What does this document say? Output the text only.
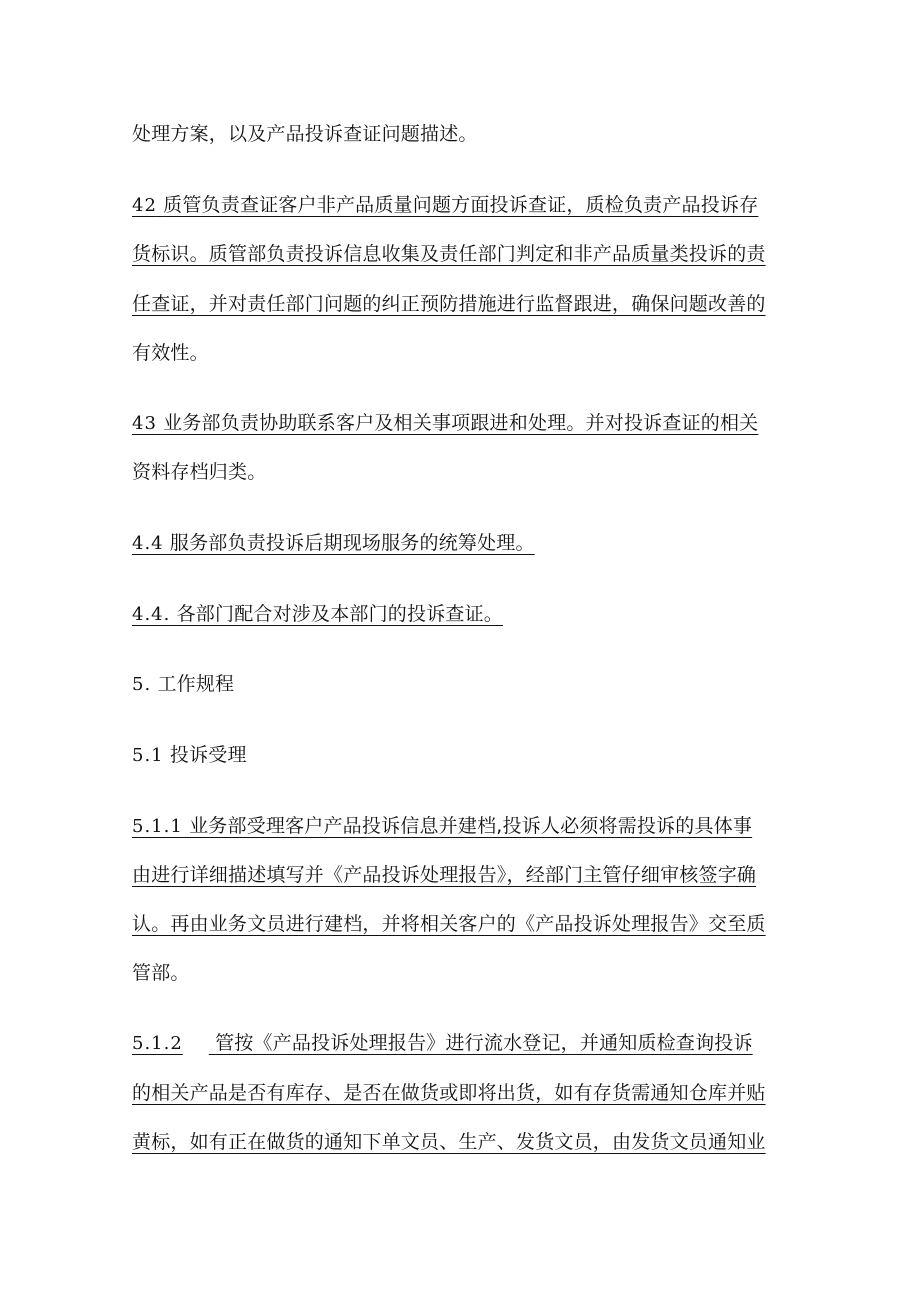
处理方案，以及产品投诉查证问题描述。
42 质管负责查证客户非产品质量问题方面投诉查证，质检负责产品投诉存
货标识。质管部负责投诉信息收集及责任部门判定和非产品质量类投诉的责
任查证，并对责任部门问题的纠正预防措施进行监督跟进，确保问题改善的
有效性。
43 业务部负责协助联系客户及相关事项跟进和处理。并对投诉查证的相关
资料存档归类。
4.4 服务部负责投诉后期现场服务的统筹处理。
4.4. 各部门配合对涉及本部门的投诉查证。
5. 工作规程
5.1 投诉受理
5.1.1 业务部受理客户产品投诉信息并建档,投诉人必须将需投诉的具体事
由进行详细描述填写并《产品投诉处理报告》，经部门主管仔细审核签字确
认。再由业务文员进行建档，并将相关客户的《产品投诉处理报告》交至质
管部。
5.1.2 管按《产品投诉处理报告》进行流水登记，并通知质检查询投诉
的相关产品是否有库存、是否在做货或即将出货，如有存货需通知仓库并贴
黄标，如有正在做货的通知下单文员、生产、发货文员，由发货文员通知业
